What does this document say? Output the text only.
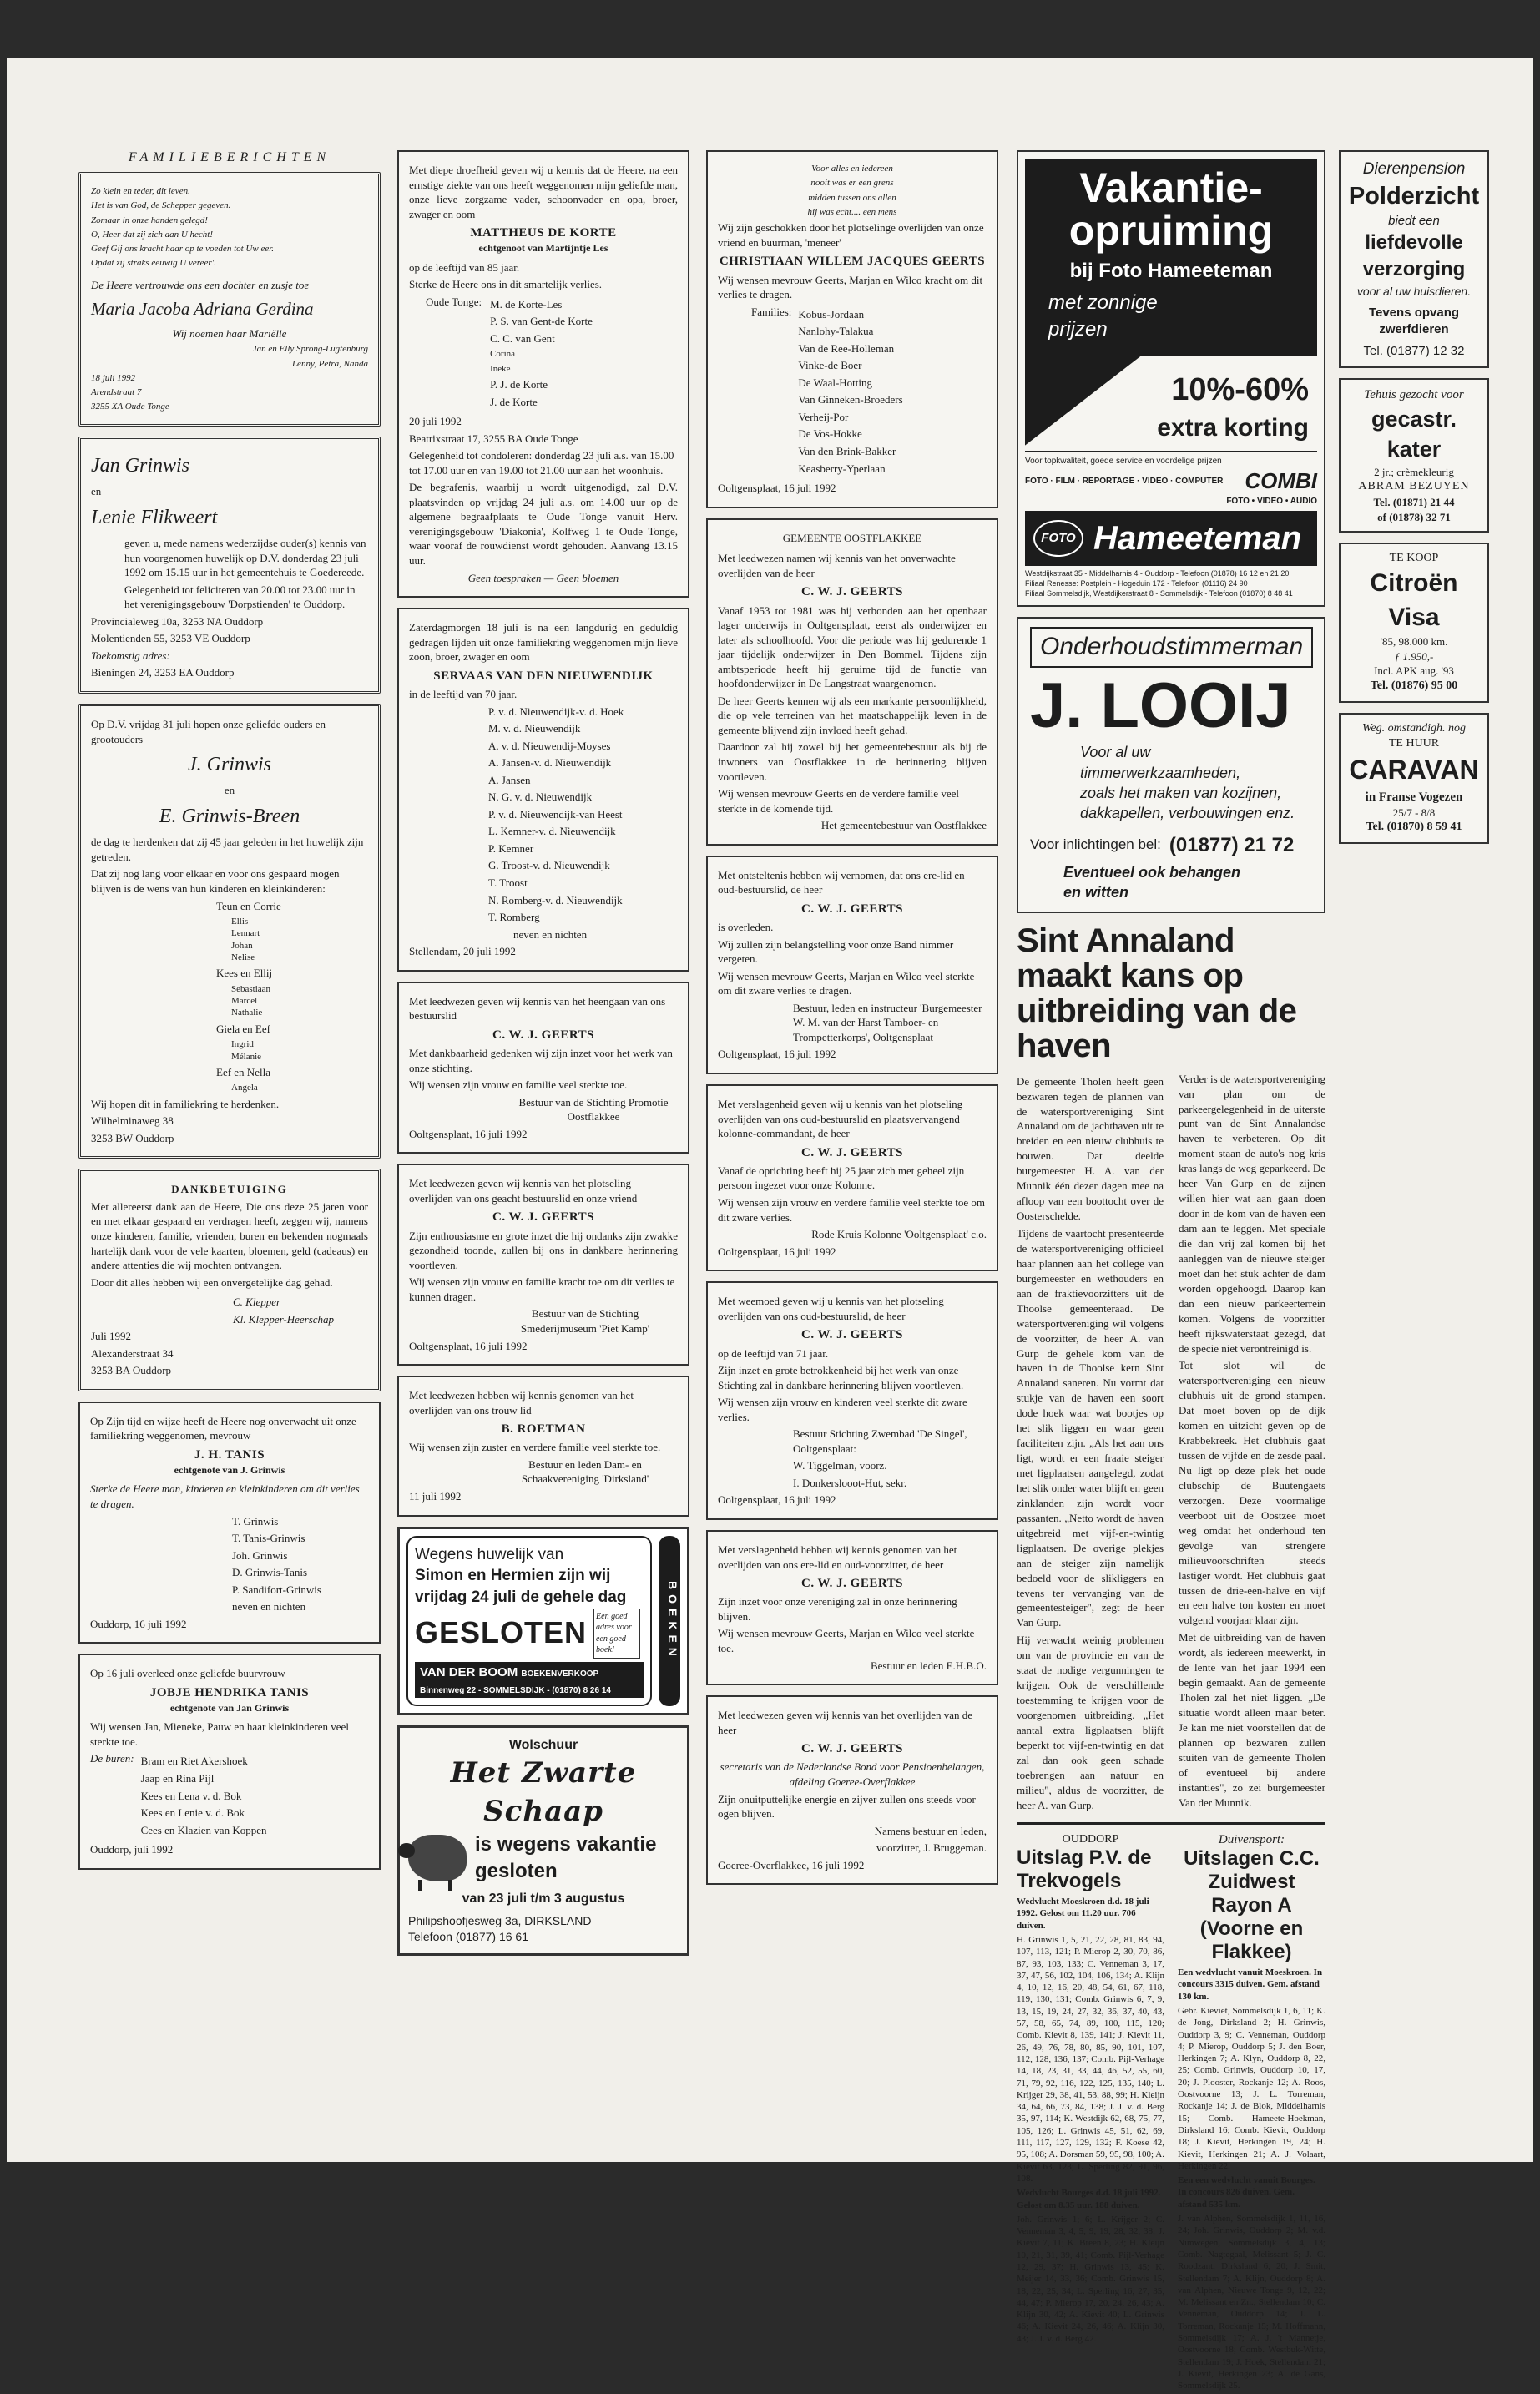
FAMILIEBERICHTEN

Zo klein en teder, dit leven.

Het is van God, de Schepper gegeven.

Zomaar in onze handen gelegd!

O, Heer dat zij zich aan U hecht!

Geef Gij ons kracht haar op te voeden tot Uw eer.

Opdat zij straks eeuwig U vereer'.

De Heere vertrouwde ons een dochter en zusje toe

Maria Jacoba Adriana Gerdina

Wij noemen haar Mariëlle

Jan en Elly Sprong-Lugtenburg

Lenny, Petra, Nanda

18 juli 1992

Arendstraat 7

3255 XA Oude Tonge

Jan Grinwis

en

Lenie Flikweert

geven u, mede namens wederzijdse ouder(s) kennis van hun voorgenomen huwelijk op D.V. donderdag 23 juli 1992 om 15.15 uur in het gemeentehuis te Goedereede.

Gelegenheid tot feliciteren van 20.00 tot 23.00 uur in het verenigingsgebouw 'Dorpstienden' te Ouddorp.

Provincialeweg 10a, 3253 NA Ouddorp

Molentienden 55, 3253 VE Ouddorp

Toekomstig adres:

Bieningen 24, 3253 EA Ouddorp

Op D.V. vrijdag 31 juli hopen onze geliefde ouders en grootouders

J. Grinwis

en

E. Grinwis-Breen

de dag te herdenken dat zij 45 jaar geleden in het huwelijk zijn getreden.

Dat zij nog lang voor elkaar en voor ons gespaard mogen blijven is de wens van hun kinderen en kleinkinderen:

Teun en Corrie

Ellis
Lennart
Johan
Nelise

Kees en Ellij

Sebastiaan
Marcel
Nathalie

Giela en Eef

Ingrid
Mélanie

Eef en Nella

Angela

Wij hopen dit in familiekring te herdenken.

Wilhelminaweg 38

3253 BW Ouddorp

DANKBETUIGING

Met allereerst dank aan de Heere, Die ons deze 25 jaren voor en met elkaar gespaard en verdragen heeft, zeggen wij, namens onze kinderen, familie, vrienden, buren en bekenden nogmaals hartelijk dank voor de vele kaarten, bloemen, geld (cadeaus) en andere attenties die wij mochten ontvangen.

Door dit alles hebben wij een onvergetelijke dag gehad.

C. Klepper

Kl. Klepper-Heerschap

Juli 1992

Alexanderstraat 34

3253 BA Ouddorp

Op Zijn tijd en wijze heeft de Heere nog onverwacht uit onze familiekring weggenomen, mevrouw

J. H. TANIS

echtgenote van J. Grinwis

Sterke de Heere man, kinderen en kleinkinderen om dit verlies te dragen.

T. Grinwis

T. Tanis-Grinwis

Joh. Grinwis

D. Grinwis-Tanis

P. Sandifort-Grinwis

neven en nichten

Ouddorp, 16 juli 1992

Op 16 juli overleed onze geliefde buurvrouw

JOBJE HENDRIKA TANIS

echtgenote van Jan Grinwis

Wij wensen Jan, Mieneke, Pauw en haar kleinkinderen veel sterkte toe.

De buren: Bram en Riet Akershoek

Jaap en Rina Pijl

Kees en Lena v. d. Bok

Kees en Lenie v. d. Bok

Cees en Klazien van Koppen

Ouddorp, juli 1992

Met diepe droefheid geven wij u kennis dat de Heere, na een ernstige ziekte van ons heeft weggenomen mijn geliefde man, onze lieve zorgzame vader, schoonvader en opa, broer, zwager en oom

MATTHEUS DE KORTE

echtgenoot van Martijntje Les

op de leeftijd van 85 jaar.

Sterke de Heere ons in dit smartelijk verlies.

Oude Tonge: M. de Korte-Les

P. S. van Gent-de Korte

C. C. van Gent

Corina

Ineke

P. J. de Korte

J. de Korte

20 juli 1992

Beatrixstraat 17, 3255 BA Oude Tonge

Gelegenheid tot condoleren: donderdag 23 juli a.s. van 15.00 tot 17.00 uur en van 19.00 tot 21.00 uur aan het woonhuis.

De begrafenis, waarbij u wordt uitgenodigd, zal D.V. plaatsvinden op vrijdag 24 juli a.s. om 14.00 uur op de algemene begraafplaats te Oude Tonge vanuit Herv. verenigingsgebouw 'Diakonia', Kolfweg 1 te Oude Tonge, waar vooraf de rouwdienst wordt gehouden. Aanvang 13.15 uur.

Geen toespraken — Geen bloemen

Zaterdagmorgen 18 juli is na een langdurig en geduldig gedragen lijden uit onze familiekring weggenomen mijn lieve zoon, broer, zwager en oom

SERVAAS VAN DEN NIEUWENDIJK

in de leeftijd van 70 jaar.

P. v. d. Nieuwendijk-v. d. Hoek

M. v. d. Nieuwendijk

A. v. d. Nieuwendij-Moyses

A. Jansen-v. d. Nieuwendijk

A. Jansen

N. G. v. d. Nieuwendijk

P. v. d. Nieuwendijk-van Heest

L. Kemner-v. d. Nieuwendijk

P. Kemner

G. Troost-v. d. Nieuwendijk

T. Troost

N. Romberg-v. d. Nieuwendijk

T. Romberg

neven en nichten

Stellendam, 20 juli 1992

Met leedwezen geven wij kennis van het heengaan van ons bestuurslid

C. W. J. GEERTS

Met dankbaarheid gedenken wij zijn inzet voor het werk van onze stichting.

Wij wensen zijn vrouw en familie veel sterkte toe.

Bestuur van de Stichting Promotie Oostflakkee

Ooltgensplaat, 16 juli 1992

Met leedwezen geven wij kennis van het plotseling overlijden van ons geacht bestuurslid en onze vriend

C. W. J. GEERTS

Zijn enthousiasme en grote inzet die hij ondanks zijn zwakke gezondheid toonde, zullen bij ons in dankbare herinnering voortleven.

Wij wensen zijn vrouw en familie kracht toe om dit verlies te kunnen dragen.

Bestuur van de Stichting Smederijmuseum 'Piet Kamp'

Ooltgensplaat, 16 juli 1992

Met leedwezen hebben wij kennis genomen van het overlijden van ons trouw lid

B. ROETMAN

Wij wensen zijn zuster en verdere familie veel sterkte toe.

Bestuur en leden Dam- en Schaakvereniging 'Dirksland'

11 juli 1992

Wegens huwelijk van
Simon en Hermien zijn wij
vrijdag 24 juli de gehele dag
GESLOTEN	Een goed adres voor een goed boek!
VAN DER BOOM BOEKENVERKOOP
Binnenweg 22 - SOMMELSDIJK - (01870) 8 26 14
BOEKEN
Wolschuur
Het Zwarte Schaap
is wegens vakantie
gesloten
van 23 juli t/m 3 augustus
Philipshoofjesweg 3a, DIRKSLAND
Telefoon (01877) 16 61

Voor alles en iedereen

nooit was er een grens

midden tussen ons allen

hij was echt.... een mens

Wij zijn geschokken door het plotselinge overlijden van onze vriend en buurman, 'meneer'

CHRISTIAAN WILLEM JACQUES GEERTS

Wij wensen mevrouw Geerts, Marjan en Wilco kracht om dit verlies te dragen.

Families: Kobus-Jordaan

Nanlohy-Talakua

Van de Ree-Holleman

Vinke-de Boer

De Waal-Hotting

Van Ginneken-Broeders

Verheij-Por

De Vos-Hokke

Van den Brink-Bakker

Keasberry-Yperlaan

Ooltgensplaat, 16 juli 1992

GEMEENTE OOSTFLAKKEE

Met leedwezen namen wij kennis van het onverwachte overlijden van de heer

C. W. J. GEERTS

Vanaf 1953 tot 1981 was hij verbonden aan het openbaar lager onderwijs in Ooltgensplaat, eerst als onderwijzer en later als schoolhoofd. Voor die periode was hij gedurende 1 jaar tijdelijk onderwijzer in Den Bommel. Tijdens zijn ambtsperiode heeft hij geruime tijd de functie van hoofdonderwijzer in De Langstraat waargenomen.

De heer Geerts kennen wij als een markante persoonlijkheid, die op vele terreinen van het maatschappelijk leven in de gemeente blijvend zijn invloed heeft gehad.

Daardoor zal hij zowel bij het gemeentebestuur als bij de inwoners van Oostflakkee in de herinnering blijven voortleven.

Wij wensen mevrouw Geerts en de verdere familie veel sterkte in de komende tijd.

Het gemeentebestuur van Oostflakkee

Met ontsteltenis hebben wij vernomen, dat ons ere-lid en oud-bestuurslid, de heer

C. W. J. GEERTS

is overleden.

Wij zullen zijn belangstelling voor onze Band nimmer vergeten.

Wij wensen mevrouw Geerts, Marjan en Wilco veel sterkte om dit zware verlies te dragen.

Bestuur, leden en instructeur 'Burgemeester W. M. van der Harst Tamboer- en Trompetterkorps', Ooltgensplaat

Ooltgensplaat, 16 juli 1992

Met verslagenheid geven wij u kennis van het plotseling overlijden van ons oud-bestuurslid en plaatsvervangend kolonne-commandant, de heer

C. W. J. GEERTS

Vanaf de oprichting heeft hij 25 jaar zich met geheel zijn persoon ingezet voor onze Kolonne.

Wij wensen zijn vrouw en verdere familie veel sterkte toe om dit zware verlies.

Rode Kruis Kolonne 'Ooltgensplaat' c.o.

Ooltgensplaat, 16 juli 1992

Met weemoed geven wij u kennis van het plotseling overlijden van ons oud-bestuurslid, de heer

C. W. J. GEERTS

op de leeftijd van 71 jaar.

Zijn inzet en grote betrokkenheid bij het werk van onze Stichting zal in dankbare herinnering blijven voortleven.

Wij wensen zijn vrouw en kinderen veel sterkte dit zware verlies.

Bestuur Stichting Zwembad 'De Singel', Ooltgensplaat:

W. Tiggelman, voorz.

I. Donkerslooot-Hut, sekr.

Ooltgensplaat, 16 juli 1992

Met verslagenheid hebben wij kennis genomen van het overlijden van ons ere-lid en oud-voorzitter, de heer

C. W. J. GEERTS

Zijn inzet voor onze vereniging zal in onze herinnering blijven.

Wij wensen mevrouw Geerts, Marjan en Wilco veel sterkte toe.

Bestuur en leden E.H.B.O.

Met leedwezen geven wij kennis van het overlijden van de heer

C. W. J. GEERTS

secretaris van de Nederlandse Bond voor Pensioenbelangen, afdeling Goeree-Overflakkee

Zijn onuitputtelijke energie en zijver zullen ons steeds voor ogen blijven.

Namens bestuur en leden,

voorzitter, J. Bruggeman.

Goeree-Overflakkee, 16 juli 1992

Vakantie-
opruiming
bij Foto Hameeteman
met zonnige
prijzen
10%-60%
extra korting
Voor topkwaliteit, goede service en voordelige prijzen
FOTO · FILM · REPORTAGE · VIDEO · COMPUTER COMBI
FOTO • VIDEO • AUDIO
FOTO Hameeteman
Westdijkstraat 35 - Middelharnis 4 - Ouddorp - Telefoon (01878) 16 12 en 21 20
Filiaal Renesse: Postplein - Hogeduin 172 - Telefoon (01116) 24 90
Filiaal Sommelsdijk, Westdijkerstraat 8 - Sommelsdijk - Telefoon (01870) 8 48 41
Onderhoudstimmerman
J. LOOIJ
Voor al uw timmerwerkzaamheden,
zoals het maken van kozijnen,
dakkapellen, verbouwingen enz.
Voor inlichtingen bel: (01877) 21 72
Eventueel ook behangen
en witten
Sint Annaland maakt kans op uitbreiding van de haven

De gemeente Tholen heeft geen bezwaren tegen de plannen van de watersportvereniging Sint Annaland om de jachthaven uit te breiden en een nieuw clubhuis te bouwen. Dat deelde burgemeester H. A. van der Munnik één dezer dagen mee na afloop van een boottocht over de Oosterschelde.

Tijdens de vaartocht presenteerde de watersportvereniging officieel haar plannen aan het college van burgemeester en wethouders en aan de fraktievoorzitters uit de Thoolse gemeenteraad. De watersportvereniging wil volgens de voorzitter, de heer A. van Gurp de gehele kom van de haven in de Thoolse kern Sint Annaland saneren. Nu vormt dat stukje van de haven een soort dode hoek waar wat bootjes op het slik liggen en waar geen faciliteiten zijn. „Als het aan ons ligt, wordt er een fraaie steiger met ligplaatsen aangelegd, zodat het slik onder water blijft en geen zinklanden zijn wordt voor passanten. „Netto wordt de haven uitgebreid met vijf-en-twintig ligplaatsen. De overige plekjes aan de steiger zijn namelijk bedoeld voor de slikliggers en tevens ter vervanging van de gemeentesteiger", zegt de heer Van Gurp.

Hij verwacht weinig problemen om van de provincie en van de staat de nodige vergunningen te krijgen. Ook de verschillende toestemming te krijgen voor de voorgenomen uitbreiding. „Het aantal extra ligplaatsen blijft beperkt tot vijf-en-twintig en dat zal dan ook geen schade toebrengen aan natuur en milieu", aldus de voorzitter, de heer A. van Gurp.

Verder is de watersportvereniging van plan om de parkeergelegenheid in de uiterste punt van de Sint Annalandse haven te verbeteren. Op dit moment staan de auto's nog kris kras langs de weg geparkeerd. De heer Van Gurp en de zijnen willen hier wat aan gaan doen door in de kom van de haven een dam aan te leggen. Met speciale die dan vrij zal komen bij het aanleggen van de nieuwe steiger moet dan het stuk achter de dam worden opgehoogd. Daarop kan dan een nieuw parkeerterrein komen. Volgens de voorzitter heeft rijkswaterstaat gezegd, dat de specie niet verontreinigd is.

Tot slot wil de watersportvereniging een nieuw clubhuis uit de grond stampen. Dat moet boven op de dijk komen en uitzicht geven op de Krabbekreek. Het clubhuis gaat tussen de vijfde en de zesde paal. Nu ligt op deze plek het oude clubschip de Buutengaets verzorgen. Deze voormalige veerboot uit de Oostzee moet weg omdat het onderhoud ten gevolge van strengere milieuvoorschriften steeds lastiger wordt. Het clubhuis gaat tussen de drie-een-halve en vijf en een halve ton kosten en moet volgend voorjaar klaar zijn.

Met de uitbreiding van de haven wordt, als iedereen meewerkt, in de lente van het jaar 1994 een begin gemaakt. Aan de gemeente Tholen zal het niet liggen. „De situatie wordt alleen maar beter. Je kan me niet voorstellen dat de plannen op bezwaren zullen stuiten van de gemeente Tholen of eventueel bij andere instanties", zo zei burgemeester Van der Munnik.

OUDDORP
Uitslag P.V. de Trekvogels

Wedvlucht Moeskroen d.d. 18 juli 1992. Gelost om 11.20 uur. 706 duiven.

H. Grinwis 1, 5, 21, 22, 28, 81, 83, 94, 107, 113, 121; P. Mierop 2, 30, 70, 86, 87, 93, 103, 133; C. Venneman 3, 17, 37, 47, 56, 102, 104, 106, 134; A. Klijn 4, 10, 12, 16, 20, 48, 54, 61, 67, 118, 119, 130, 131; Comb. Grinwis 6, 7, 9, 13, 15, 19, 24, 27, 32, 36, 37, 40, 43, 57, 58, 65, 74, 89, 100, 115, 120; Comb. Kievit 8, 139, 141; J. Kievit 11, 26, 49, 76, 78, 80, 85, 90, 101, 107, 112, 128, 136, 137; Comb. Pijl-Verhage 14, 18, 23, 31, 33, 44, 46, 52, 55, 60, 71, 79, 92, 116, 122, 125, 135, 140; L. Krijger 29, 38, 41, 53, 88, 99; H. Kleijn 34, 64, 66, 73, 84, 138; J. J. v. d. Berg 35, 97, 114; K. Westdijk 62, 68, 75, 77, 105, 126; L. Grinwis 45, 51, 62, 69, 111, 117, 127, 129, 132; F. Koese 42, 95, 108; A. Dorsman 59, 95, 98, 100; A. Kievit 63, 123; L. Sperling 82, 91, 96, 108.

Wedvlucht Bourges d.d. 18 juli 1992. Gelost om 8.35 uur. 188 duiven.

Joh. Grinwis 1; 6; L. Krijger 2; C. Venneman 3, 4, 5, 9, 19, 28, 32, 38; J. Kievit 7, 11; K. Breen 8, 23; H. Kleijn 10, 21, 31, 39, 41; Comb. Pijl-Verhage 12, 29, 37; H. Grinwis 13, 45; K. Meijer 14, 33, 36; Comb. Grinwis 15, 18, 22, 25, 34; L. Sperling 16, 27, 35, 44, 47; P. Mierop 17, 20, 24, 26, 43; A. Klijn 30, 42; A. Kievit 40; L. Grinwis 46; A. Kievit 24, 26, 46; A. Klijn 30, 43; J. J. v. d. Berg 42.

Duivensport:
Uitslagen C.C. Zuidwest Rayon A (Voorne en Flakkee)

Een wedvlucht vanuit Moeskroen. In concours 3315 duiven. Gem. afstand 130 km.

Gebr. Kieviet, Sommelsdijk 1, 6, 11; K. de Jong, Dirksland 2; H. Grinwis, Ouddorp 3, 9; C. Venneman, Ouddorp 4; P. Mierop, Ouddorp 5; J. den Boer, Herkingen 7; A. Klyn, Ouddorp 8, 22, 25; Comb. Grinwis, Ouddorp 10, 17, 20; J. Plooster, Rockanje 12; A. Roos, Oostvoorne 13; J. L. Torreman, Rockanje 14; J. de Blok, Middelharnis 15; Comb. Hameete-Hoekman, Dirksland 16; Comb. Kievit, Ouddorp 18; J. Kievit, Herkingen 19, 24; H. Kievit, Herkingen 21; A. J. Volaart, Herkingen 22.

Een een wedvlucht vanuit Bourges. In concours 826 duiven. Gem. afstand 535 km.

J. van Alphen, Sommelsdijk 1, 11, 16, 24; Joh. Grinwis, Ouddorp 2; M. v.d. Nimwegen, Sommelsdijk 3, 4, 13; Comb. Nagtegaal, Melissant 5; J. C. Roodzant, Dirksland 6, 20; J. Smit, Stellendam 7; A. Klijn, Ouddorp 8; A. van Alphen, Nieuwe Tonge 9, 12, 22; M. Melissant en Zn., Stellendam 10; C. Venneman, Ouddorp 14; J. L. Torreman, Rockanje 15; M. Hoffmann, Sommelsdijk 17; A. J. 't Mannetje, Oostvoorne 18; Comb. Westbuk-Witte, Stellendam 19; J. Hoek, Stellendam 21; J. Kievit, Herkingen 23; A. de Gans, Sommelsdijk 25.

Dierenpension
Polderzicht
biedt een
liefdevolle
verzorging
voor al uw huisdieren.
Tevens opvang zwerfdieren
Tel. (01877) 12 32
Tehuis gezocht voor
gecastr. kater
2 jr.; crèmekleurig
ABRAM BEZUYEN
Tel. (01871) 21 44
of (01878) 32 71
TE KOOP
Citroën Visa
'85, 98.000 km.
ƒ 1.950,-
Incl. APK aug. '93
Tel. (01876) 95 00
Weg. omstandigh. nog
TE HUUR
CARAVAN
in Franse Vogezen
25/7 - 8/8
Tel. (01870) 8 59 41
